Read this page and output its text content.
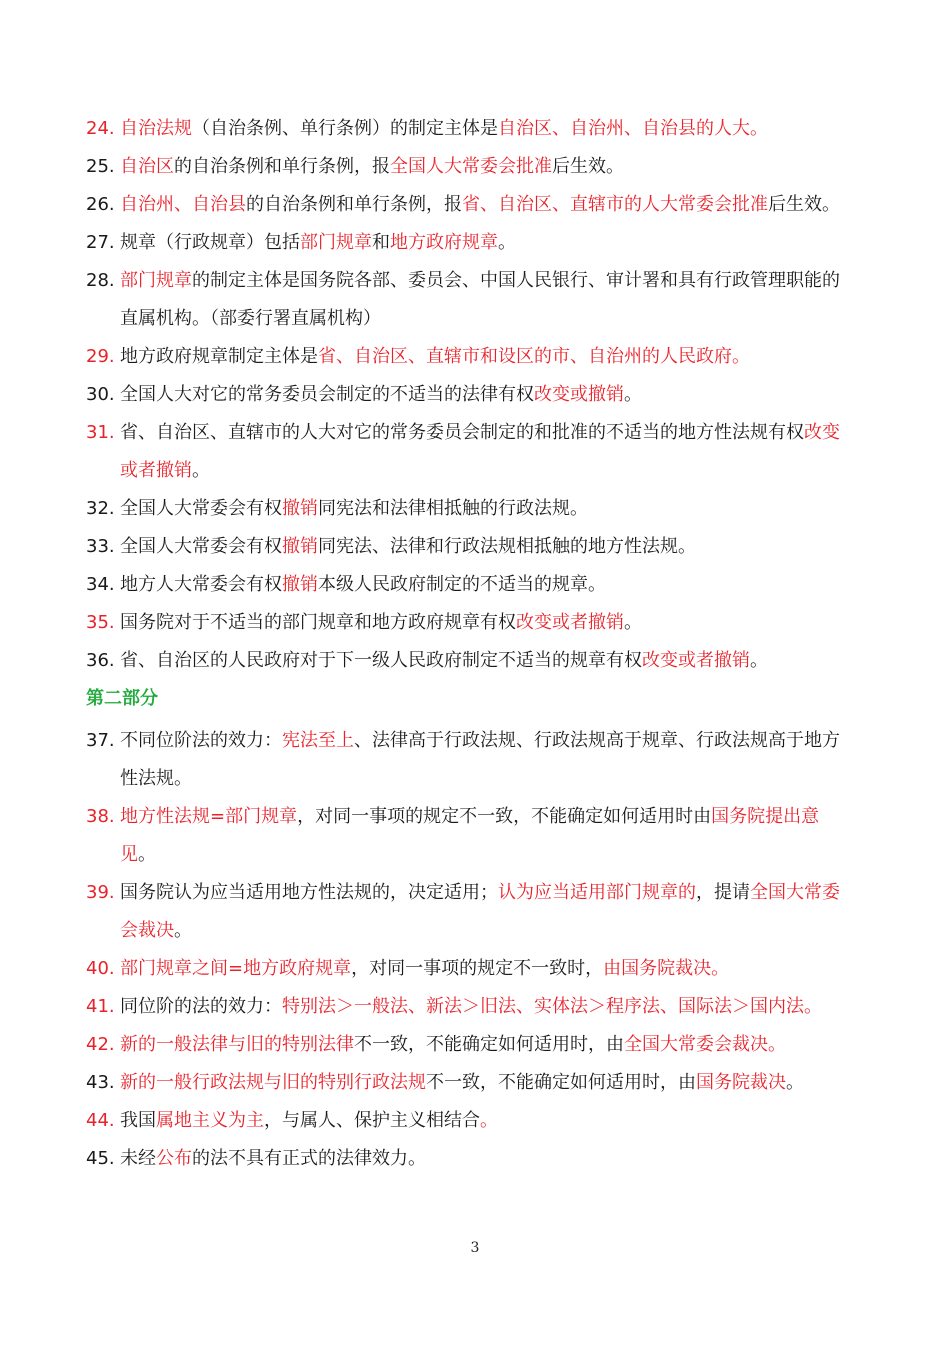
24. 自治法规（自治条例、单行条例）的制定主体是自治区、自治州、自治县的人大。
25. 自治区的自治条例和单行条例，报全国人大常委会批准后生效。
26. 自治州、自治县的自治条例和单行条例，报省、自治区、直辖市的人大常委会批准后生效。
27. 规章（行政规章）包括部门规章和地方政府规章。
28. 部门规章的制定主体是国务院各部、委员会、中国人民银行、审计署和具有行政管理职能的直属机构。（部委行署直属机构）
29. 地方政府规章制定主体是省、自治区、直辖市和设区的市、自治州的人民政府。
30. 全国人大对它的常务委员会制定的不适当的法律有权改变或撤销。
31. 省、自治区、直辖市的人大对它的常务委员会制定的和批准的不适当的地方性法规有权改变或者撤销。
32. 全国人大常委会有权撤销同宪法和法律相抵触的行政法规。
33. 全国人大常委会有权撤销同宪法、法律和行政法规相抵触的地方性法规。
34. 地方人大常委会有权撤销本级人民政府制定的不适当的规章。
35. 国务院对于不适当的部门规章和地方政府规章有权改变或者撤销。
36. 省、自治区的人民政府对于下一级人民政府制定不适当的规章有权改变或者撤销。
第二部分
37. 不同位阶法的效力：宪法至上、法律高于行政法规、行政法规高于规章、行政法规高于地方性法规。
38. 地方性法规=部门规章，对同一事项的规定不一致，不能确定如何适用时由国务院提出意见。
39. 国务院认为应当适用地方性法规的，决定适用；认为应当适用部门规章的，提请全国大常委会裁决。
40. 部门规章之间=地方政府规章，对同一事项的规定不一致时，由国务院裁决。
41. 同位阶的法的效力：特别法＞一般法、新法＞旧法、实体法＞程序法、国际法＞国内法。
42. 新的一般法律与旧的特别法律不一致，不能确定如何适用时，由全国大常委会裁决。
43. 新的一般行政法规与旧的特别行政法规不一致，不能确定如何适用时，由国务院裁决。
44. 我国属地主义为主，与属人、保护主义相结合。
45. 未经公布的法不具有正式的法律效力。
3
